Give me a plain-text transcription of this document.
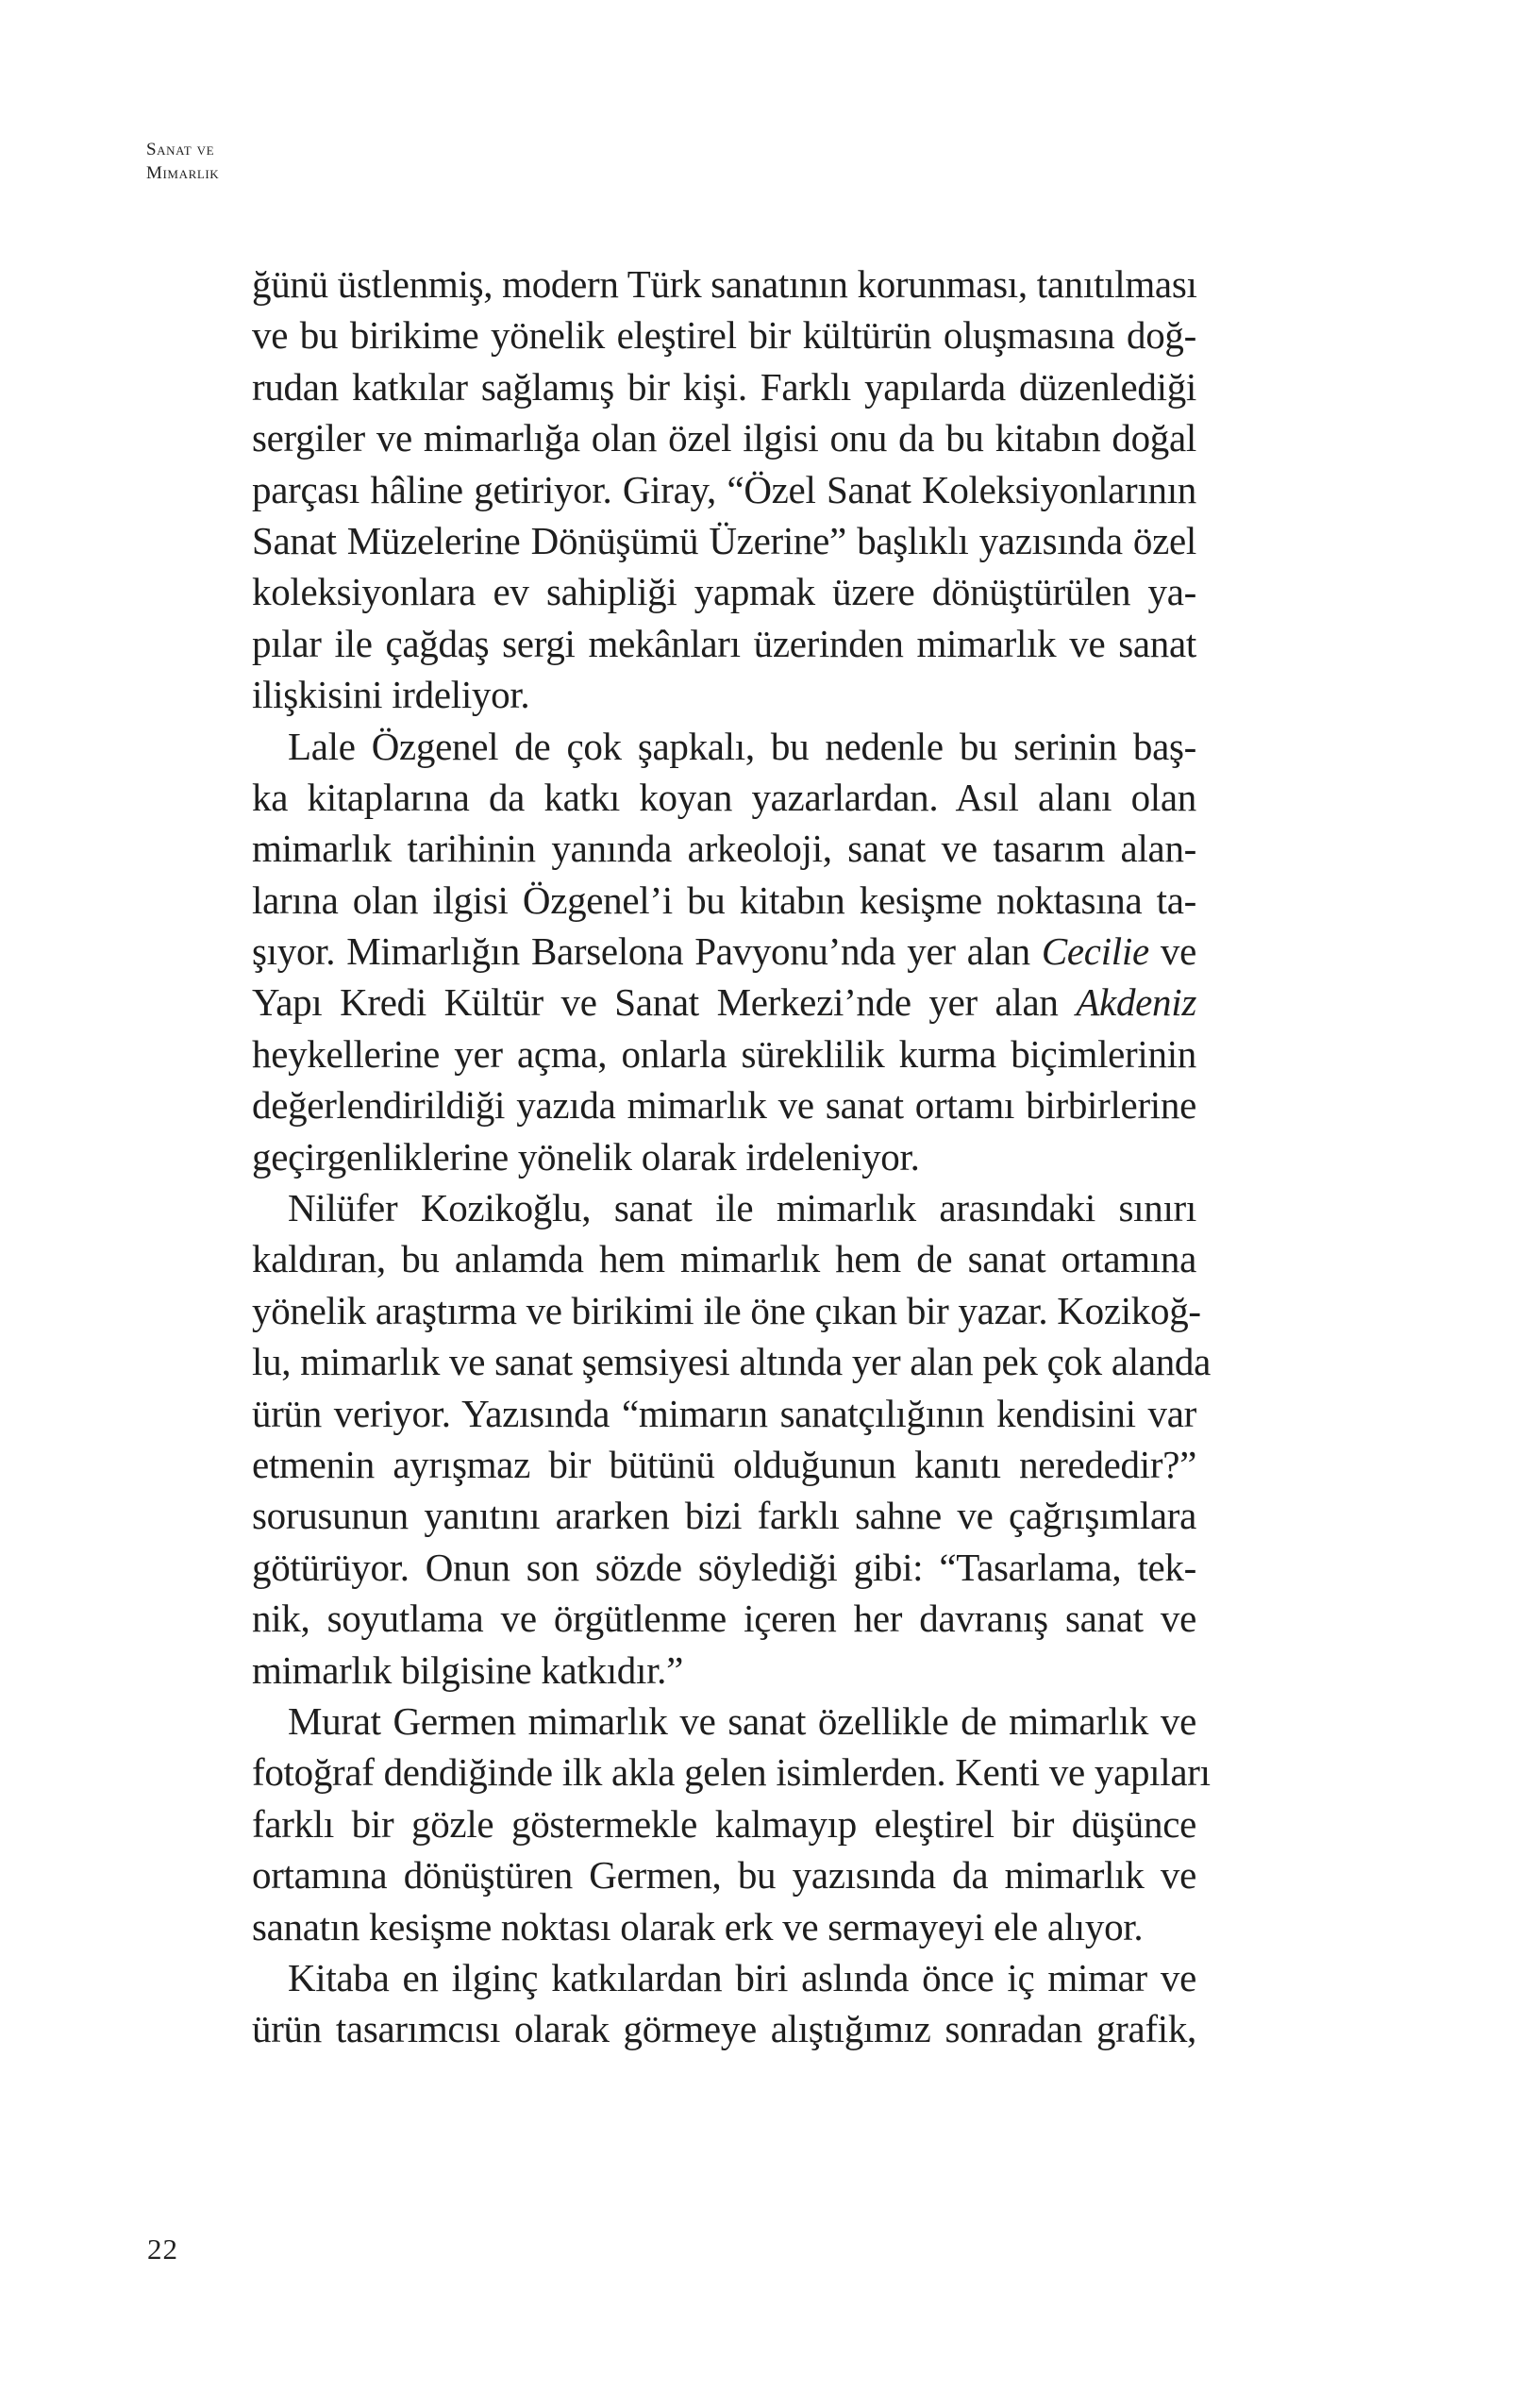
Sanat ve
Mimarlık
ğünü üstlenmiş, modern Türk sanatının korunması, tanıtılması
ve bu birikime yönelik eleştirel bir kültürün oluşmasına doğ-
rudan katkılar sağlamış bir kişi. Farklı yapılarda düzenlediği
sergiler ve mimarlığa olan özel ilgisi onu da bu kitabın doğal
parçası hâline getiriyor. Giray, “Özel Sanat Koleksiyonlarının
Sanat Müzelerine Dönüşümü Üzerine” başlıklı yazısında özel
koleksiyonlara ev sahipliği yapmak üzere dönüştürülen ya-
pılar ile çağdaş sergi mekânları üzerinden mimarlık ve sanat
ilişkisini irdeliyor.
Lale Özgenel de çok şapkalı, bu nedenle bu serinin baş-
ka kitaplarına da katkı koyan yazarlardan. Asıl alanı olan
mimarlık tarihinin yanında arkeoloji, sanat ve tasarım alan-
larına olan ilgisi Özgenel’i bu kitabın kesişme noktasına ta-
şıyor. Mimarlığın Barselona Pavyonu’nda yer alan Cecilie ve
Yapı Kredi Kültür ve Sanat Merkezi’nde yer alan Akdeniz
heykellerine yer açma, onlarla süreklilik kurma biçimlerinin
değerlendirildiği yazıda mimarlık ve sanat ortamı birbirlerine
geçirgenliklerine yönelik olarak irdeleniyor.
Nilüfer Kozikoğlu, sanat ile mimarlık arasındaki sınırı
kaldıran, bu anlamda hem mimarlık hem de sanat ortamına
yönelik araştırma ve birikimi ile öne çıkan bir yazar. Kozikoğ-
lu, mimarlık ve sanat şemsiyesi altında yer alan pek çok alanda
ürün veriyor. Yazısında “mimarın sanatçılığının kendisini var
etmenin ayrışmaz bir bütünü olduğunun kanıtı nerededir?”
sorusunun yanıtını ararken bizi farklı sahne ve çağrışımlara
götürüyor. Onun son sözde söylediği gibi: “Tasarlama, tek-
nik, soyutlama ve örgütlenme içeren her davranış sanat ve
mimarlık bilgisine katkıdır.”
Murat Germen mimarlık ve sanat özellikle de mimarlık ve
fotoğraf dendiğinde ilk akla gelen isimlerden. Kenti ve yapıları
farklı bir gözle göstermekle kalmayıp eleştirel bir düşünce
ortamına dönüştüren Germen, bu yazısında da mimarlık ve
sanatın kesişme noktası olarak erk ve sermayeyi ele alıyor.
Kitaba en ilginç katkılardan biri aslında önce iç mimar ve
ürün tasarımcısı olarak görmeye alıştığımız sonradan grafik,
22
